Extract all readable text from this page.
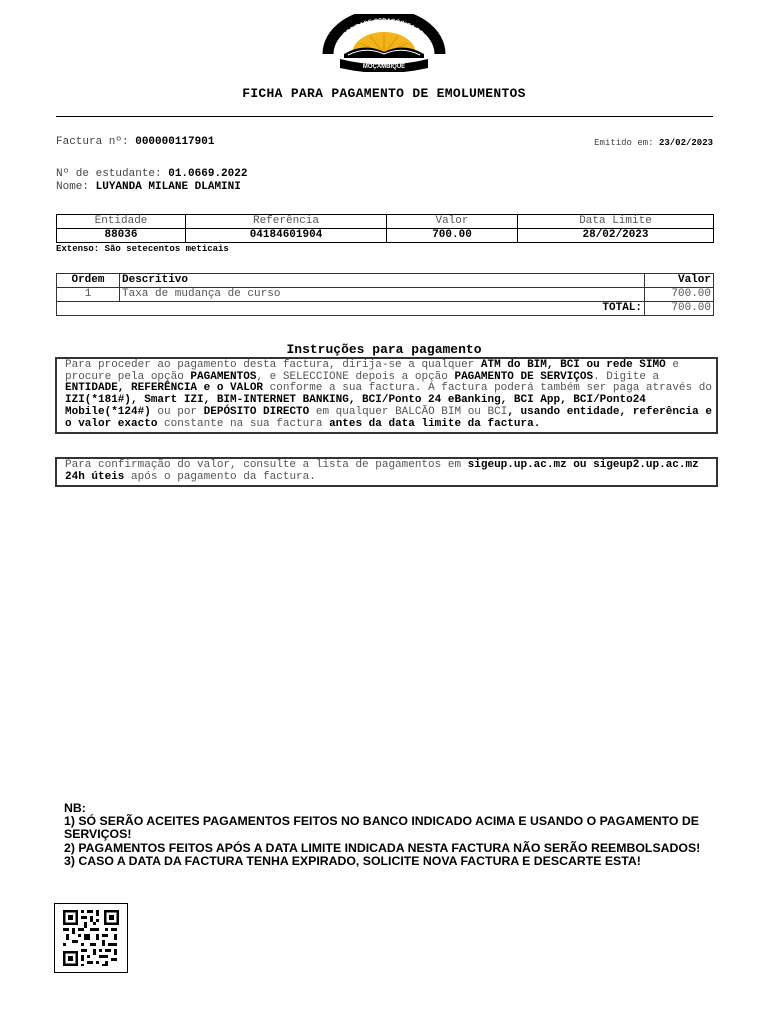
UNIVERSIDADE PEDAGÓGICA DE MAPU
MOÇAMBIQUE
FICHA PARA PAGAMENTO DE EMOLUMENTOS
Factura nº: 000000117901	Emitido em: 23/02/2023
Nº de estudante: 01.0669.2022
Nome: LUYANDA MILANE DLAMINI
Entidade	Referência	Valor	Data Limite
88036	04184601904	700.00	28/02/2023
Extenso: São setecentos meticais
Ordem	Descritivo	Valor
1	Taxa de mudança de curso	700.00
TOTAL:		700.00
Instruções para pagamento
Para proceder ao pagamento desta factura, dirija-se a qualquer ATM do BIM, BCI ou rede SIMO e procure pela opção PAGAMENTOS, e SELECCIONE depois a opção PAGAMENTO DE SERVIÇOS. Digite a ENTIDADE, REFERÊNCIA e o VALOR conforme a sua factura. A factura poderá também ser paga através do IZI(*181#), Smart IZI, BIM-INTERNET BANKING, BCI/Ponto 24 eBanking, BCI App, BCI/Ponto24 Mobile(*124#) ou por DEPÓSITO DIRECTO em qualquer BALCÃO BIM ou BCI, usando entidade, referência e o valor exacto constante na sua factura antes da data limite da factura.
Para confirmação do valor, consulte a lista de pagamentos em sigeup.up.ac.mz ou sigeup2.up.ac.mz 24h úteis após o pagamento da factura.
NB:
1) SÓ SERÃO ACEITES PAGAMENTOS FEITOS NO BANCO INDICADO ACIMA E USANDO O PAGAMENTO DE SERVIÇOS!
2) PAGAMENTOS FEITOS APÓS A DATA LIMITE INDICADA NESTA FACTURA NÃO SERÃO REEMBOLSADOS!
3) CASO A DATA DA FACTURA TENHA EXPIRADO, SOLICITE NOVA FACTURA E DESCARTE ESTA!
